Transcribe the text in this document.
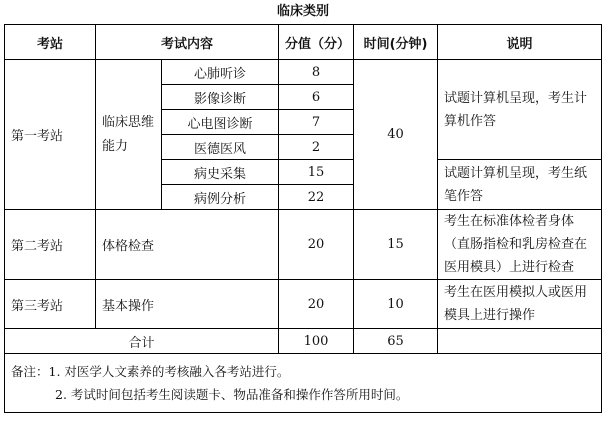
临床类别
考站	考试内容		分值（分）	时间(分钟)	说明
第一考站	临床思维能力	心肺听诊	8	40	试题计算机呈现，考生计算机作答
		影像诊断	6		
		心电图诊断	7		
		医德医风	2		
		病史采集	15		试题计算机呈现，考生纸笔作答
		病例分析	22		
第二考站	体格检查		20	15	考生在标准体检者身体（直肠指检和乳房检查在医用模具）上进行检查
第三考站	基本操作		20	10	考生在医用模拟人或医用模具上进行操作
合计			100	65	

备注：1. 对医学人文素养的考核融入各考站进行。
2. 考试时间包括考生阅读题卡、物品准备和操作作答所用时间。					
